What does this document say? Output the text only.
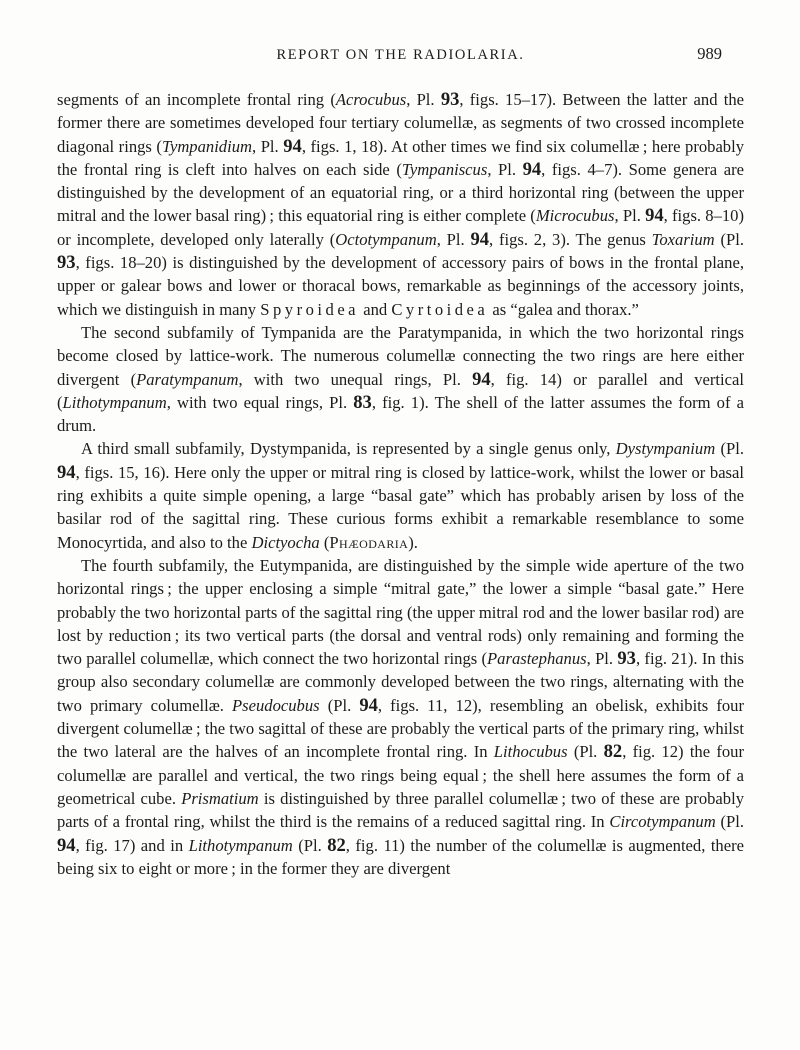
REPORT ON THE RADIOLARIA.	989

segments of an incomplete frontal ring (Acrocubus, Pl. 93, figs. 15–17). Between the latter and the former there are sometimes developed four tertiary columellæ, as segments of two crossed incomplete diagonal rings (Tympanidium, Pl. 94, figs. 1, 18). At other times we find six columellæ ; here probably the frontal ring is cleft into halves on each side (Tympaniscus, Pl. 94, figs. 4–7). Some genera are distinguished by the development of an equatorial ring, or a third horizontal ring (between the upper mitral and the lower basal ring) ; this equatorial ring is either complete (Microcubus, Pl. 94, figs. 8–10) or incomplete, developed only laterally (Octotympanum, Pl. 94, figs. 2, 3). The genus Toxarium (Pl. 93, figs. 18–20) is distinguished by the development of accessory pairs of bows in the frontal plane, upper or galear bows and lower or thoracal bows, remarkable as beginnings of the accessory joints, which we distinguish in many Spyroidea and Cyrtoidea as “galea and thorax.”

The second subfamily of Tympanida are the Paratympanida, in which the two horizontal rings become closed by lattice-work. The numerous columellæ connecting the two rings are here either divergent (Paratympanum, with two unequal rings, Pl. 94, fig. 14) or parallel and vertical (Lithotympanum, with two equal rings, Pl. 83, fig. 1). The shell of the latter assumes the form of a drum.

A third small subfamily, Dystympanida, is represented by a single genus only, Dystympanium (Pl. 94, figs. 15, 16). Here only the upper or mitral ring is closed by lattice-work, whilst the lower or basal ring exhibits a quite simple opening, a large “basal gate” which has probably arisen by loss of the basilar rod of the sagittal ring. These curious forms exhibit a remarkable resemblance to some Monocyrtida, and also to the Dictyocha (Phæodaria).

The fourth subfamily, the Eutympanida, are distinguished by the simple wide aperture of the two horizontal rings ; the upper enclosing a simple “mitral gate,” the lower a simple “basal gate.” Here probably the two horizontal parts of the sagittal ring (the upper mitral rod and the lower basilar rod) are lost by reduction ; its two vertical parts (the dorsal and ventral rods) only remaining and forming the two parallel columellæ, which connect the two horizontal rings (Parastephanus, Pl. 93, fig. 21). In this group also secondary columellæ are commonly developed between the two rings, alternating with the two primary columellæ. Pseudocubus (Pl. 94, figs. 11, 12), resembling an obelisk, exhibits four divergent columellæ ; the two sagittal of these are probably the vertical parts of the primary ring, whilst the two lateral are the halves of an incomplete frontal ring. In Lithocubus (Pl. 82, fig. 12) the four columellæ are parallel and vertical, the two rings being equal ; the shell here assumes the form of a geometrical cube. Prismatium is distinguished by three parallel columellæ ; two of these are probably parts of a frontal ring, whilst the third is the remains of a reduced sagittal ring. In Circotympanum (Pl. 94, fig. 17) and in Lithotympanum (Pl. 82, fig. 11) the number of the columellæ is augmented, there being six to eight or more ; in the former they are divergent
